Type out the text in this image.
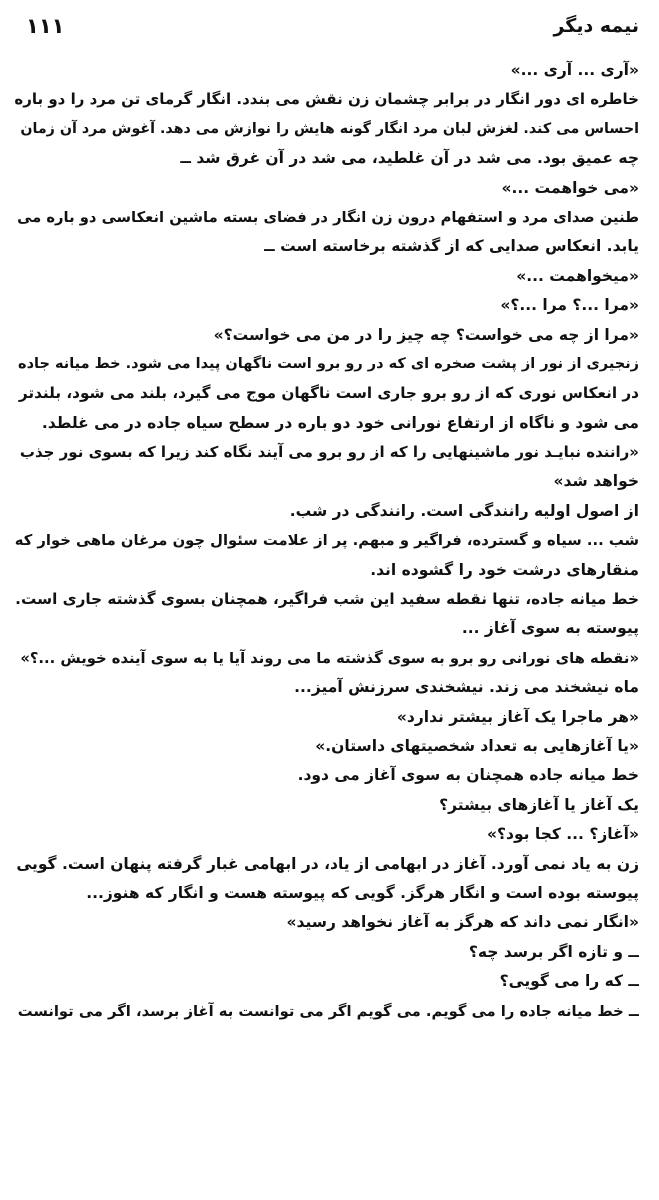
نیمه دیگر
۱۱۱
«آری ... آری ...»
خاطره ای دور انگار در برابر چشمان زن نقش می بندد. انگار گرمای تن مرد را دو باره
احساس می کند. لغزش لبان مرد انگار گونه هایش را نوازش می دهد. آغوش مرد آن زمان
چه عمیق بود. می شد در آن غلطید، می شد در آن غرق شد ــ
«می خواهمت ...»
طنین صدای مرد و استفهام درون زن انگار در فضای بسته ماشین انعکاسی دو باره می
یابد. انعکاس صدایی که از گذشته برخاسته است ــ
«میخواهمت ...»
«مرا ...؟ مرا ...؟»
«مرا از چه می خواست؟ چه چیز را در من می خواست؟»
زنجیری از نور از پشت صخره ای که در رو برو است ناگهان پیدا می شود. خط میانه جاده
در انعکاس نوری که از رو برو جاری است ناگهان موج می گیرد، بلند می شود، بلندتر
می شود و ناگاه از ارتفاع نورانی خود دو باره در سطح سیاه جاده در می غلطد.
«راننده نبایـد نور ماشینهایی را که از رو برو می آیند نگاه کند زیرا که بسوی نور جذب
خواهد شد»
از اصول اولیه رانندگی است. رانندگی در شب.
شب ... سیاه و گسترده، فراگیر و مبهم. پر از علامت سئوال چون مرغان ماهی خوار که
منقارهای درشت خود را گشوده اند.
خط میانه جاده، تنها نقطه سفید این شب فراگیر، همچنان بسوی گذشته جاری است.
پیوسته به سوی آغاز ...
«نقطه های نورانی رو برو به سوی گذشته ما می روند آیا یا به سوی آینده خویش ...؟»
ماه نیشخند می زند. نیشخندی سرزنش آمیز...
«هر ماجرا یک آغاز بیشتر ندارد»
«یا آغازهایی به تعداد شخصیتهای داستان.»
خط میانه جاده همچنان به سوی آغاز می دود.
یک آغاز یا آغازهای بیشتر؟
«آغاز؟ ... کجا بود؟»
زن به یاد نمی آورد. آغاز در ابهامی از یاد، در ابهامی غبار گرفته پنهان است. گویی
پیوسته بوده است و انگار هرگز. گویی که پیوسته هست و انگار که هنوز...
«انگار نمی داند که هرگز به آغاز نخواهد رسید»
ــ و تازه اگر برسد چه؟
ــ که را می گویی؟
ــ خط میانه جاده را می گویم. می گویم اگر می توانست به آغاز برسد، اگر می توانست
